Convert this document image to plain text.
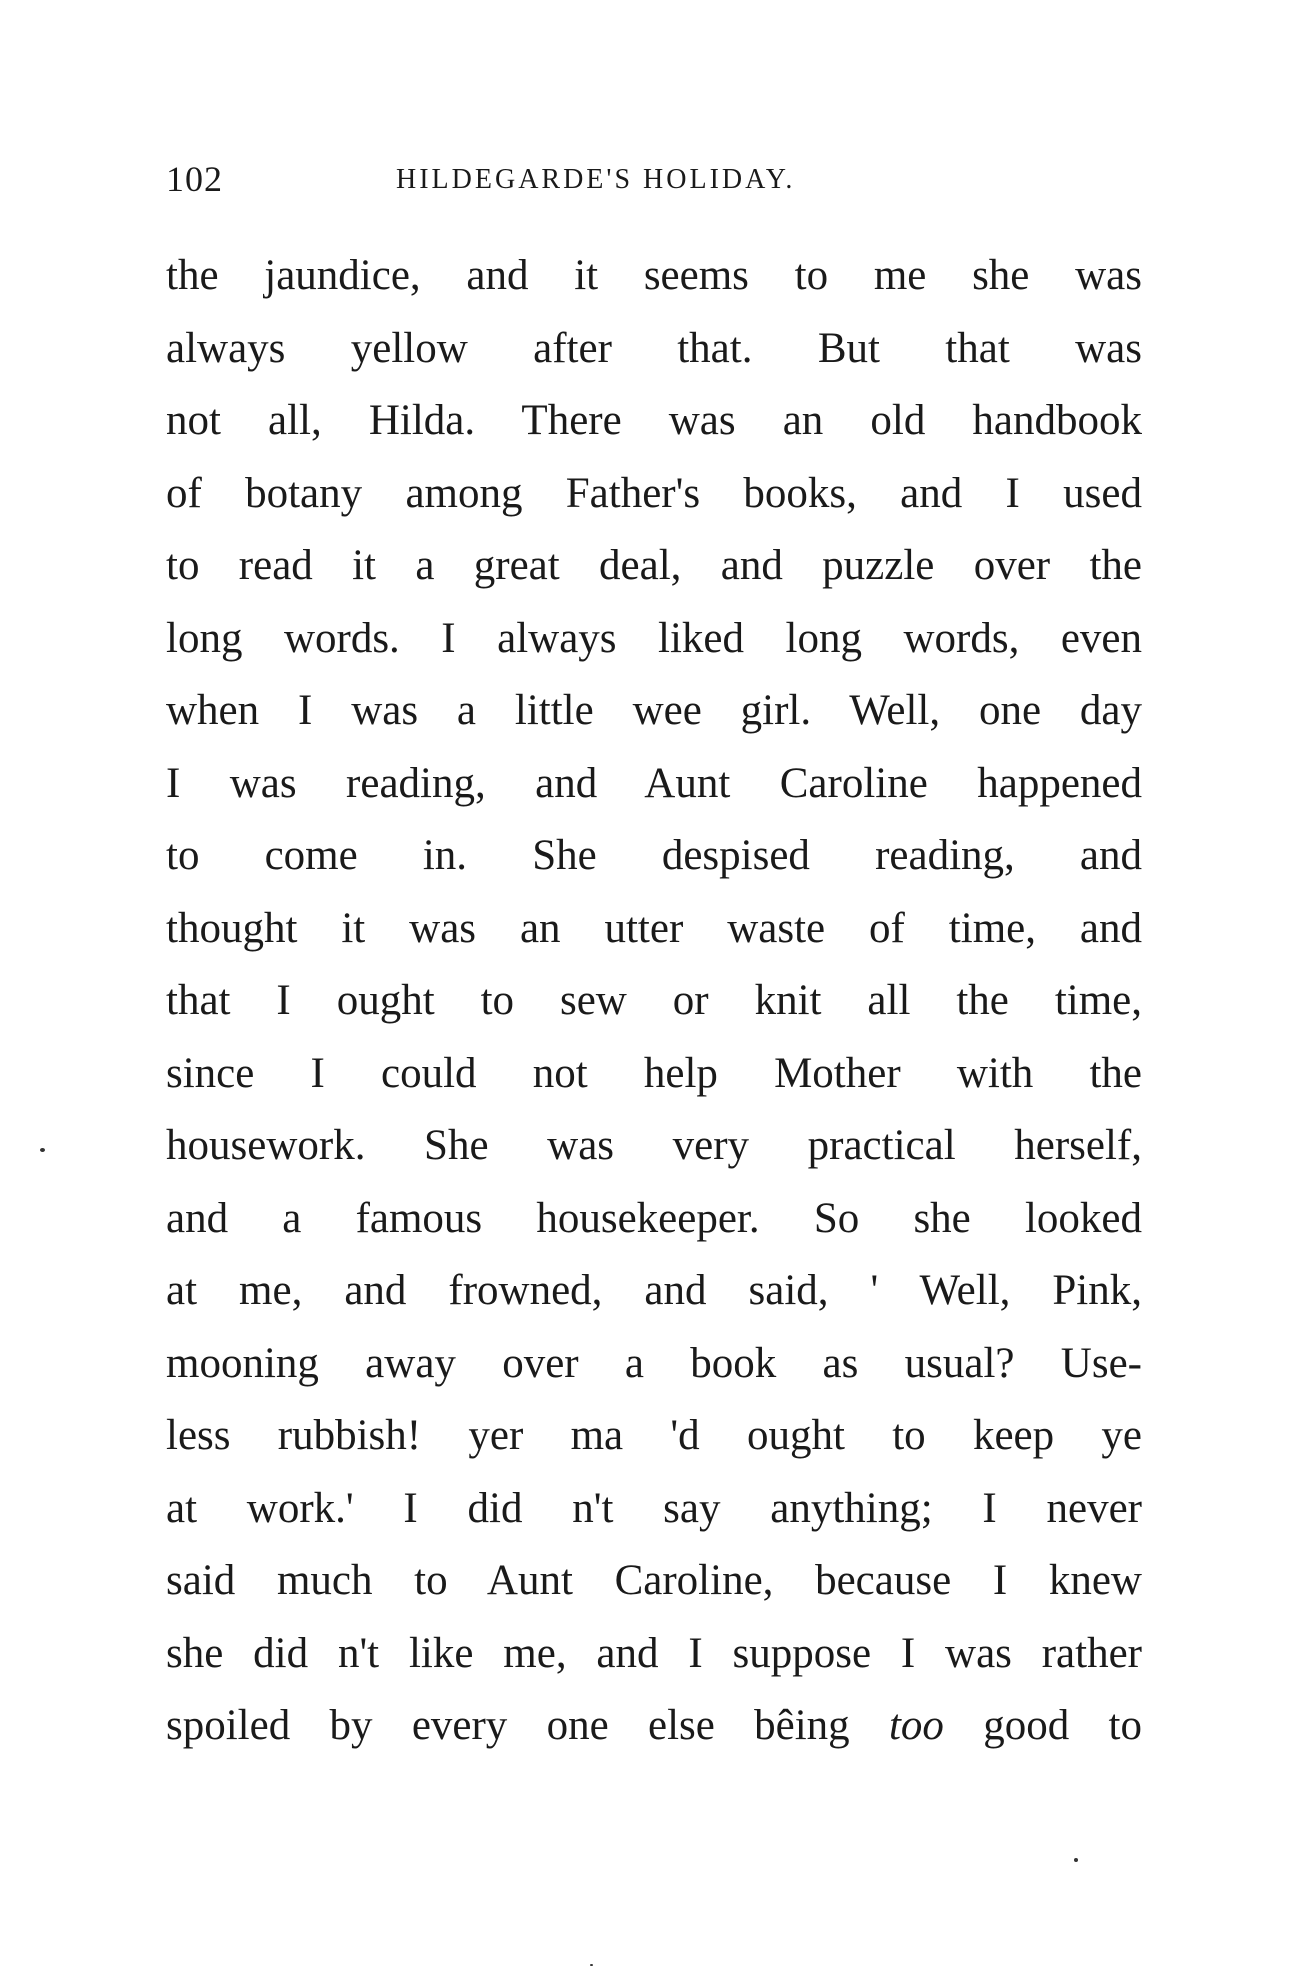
102	HILDEGARDE'S HOLIDAY.
the jaundice, and it seems to me she was
always yellow after that. But that was
not all, Hilda. There was an old handbook
of botany among Father's books, and I used
to read it a great deal, and puzzle over the
long words. I always liked long words, even
when I was a little wee girl. Well, one day
I was reading, and Aunt Caroline happened
to come in. She despised reading, and
thought it was an utter waste of time, and
that I ought to sew or knit all the time,
since I could not help Mother with the
housework. She was very practical herself,
and a famous housekeeper. So she looked
at me, and frowned, and said, ' Well, Pink,
mooning away over a book as usual? Use-
less rubbish! yer ma 'd ought to keep ye
at work.' I did n't say anything; I never
said much to Aunt Caroline, because I knew
she did n't like me, and I suppose I was rather
spoiled by every one else bêing too good to
